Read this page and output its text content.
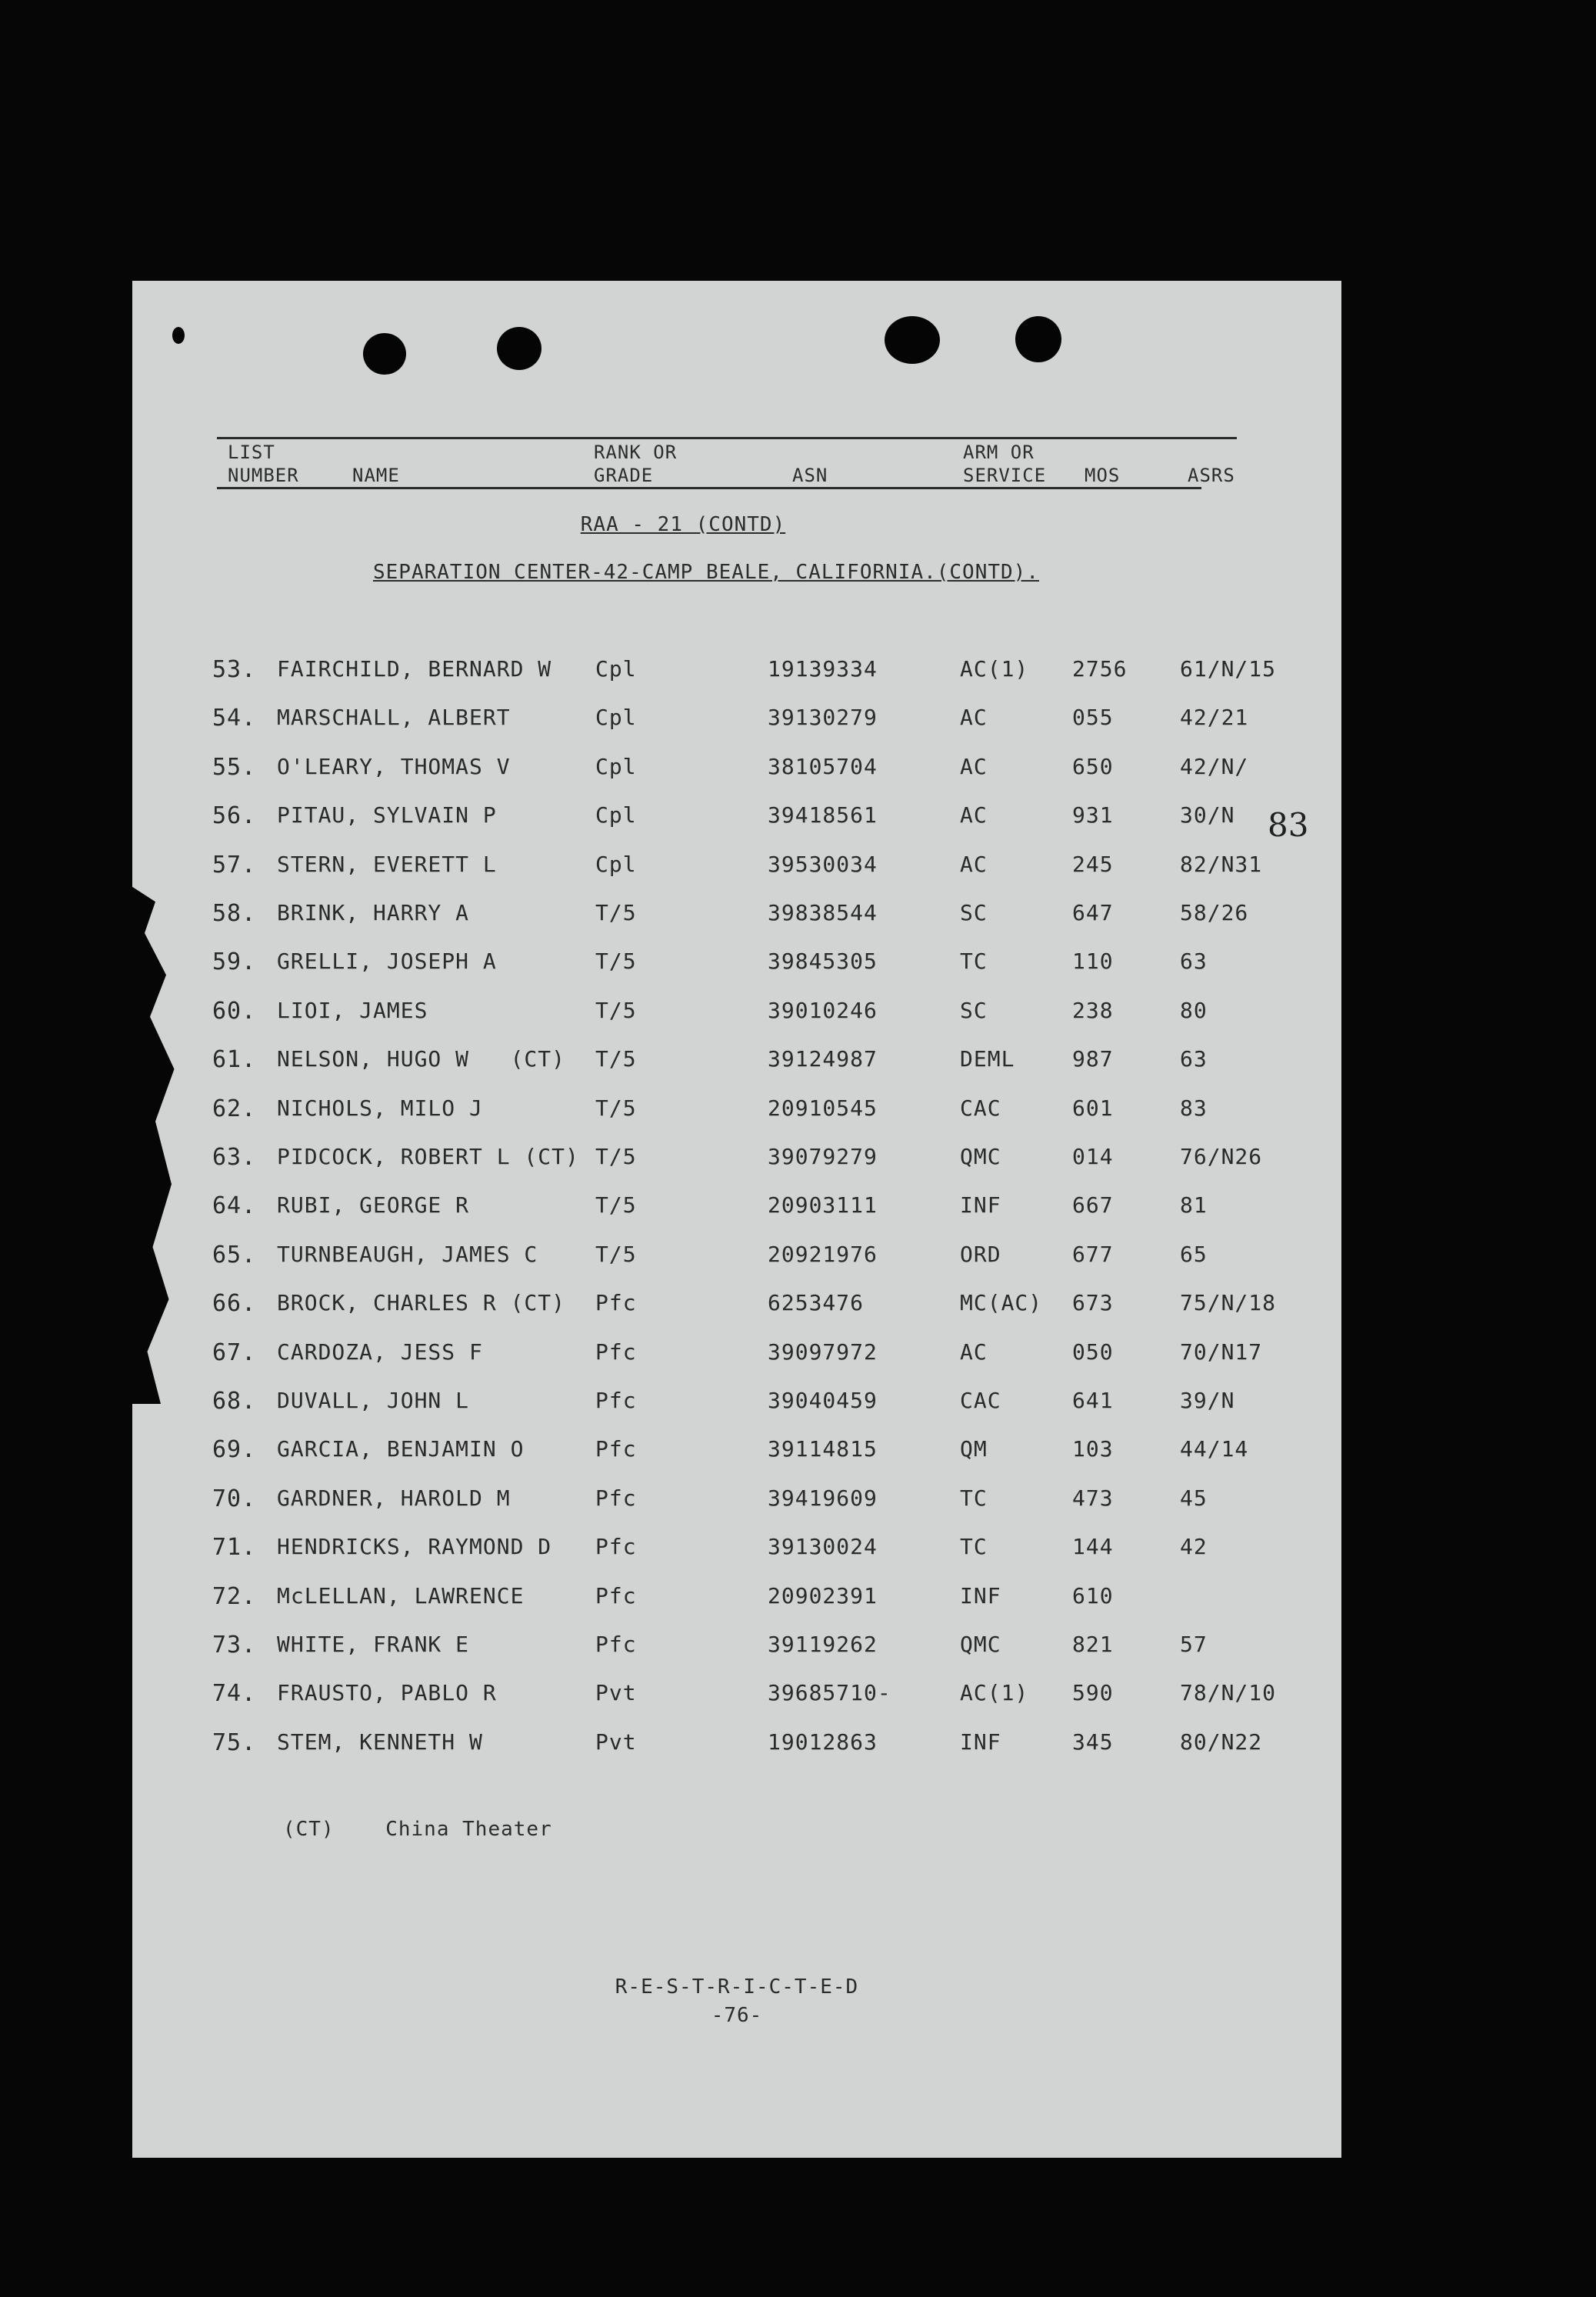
LIST
NUMBER	NAME
RANK OR
GRADE	ASN
ARM OR
SERVICE MOS	ASRS
RAA - 21 (CONTD)
SEPARATION CENTER-42-CAMP BEALE, CALIFORNIA.(CONTD).
53. FAIRCHILD, BERNARD W Cpl	19139334	AC(1) 2756 61/N/15
54. MARSCHALL, ALBERT	Cpl	39130279	AC	055	42/21
55. O'LEARY, THOMAS V	Cpl	38105704	AC	650	42/N/
56. PITAU, SYLVAIN P	Cpl	39418561	AC	931	30/N
57. STERN, EVERETT L	Cpl	39530034	AC	245	82/N31
58. BRINK, HARRY A	T/5	39838544	SC	647	58/26
59. GRELLI, JOSEPH A	T/5	39845305	TC	110	63
60. LIOI, JAMES	T/5	39010246	SC	238	80
61. NELSON, HUGO W   (CT) T/5	39124987	DEML	987	63
62. NICHOLS, MILO J	T/5	20910545	CAC	601	83
63. PIDCOCK, ROBERT L (CT) T/5	39079279	QMC	014	76/N26
64. RUBI, GEORGE R	T/5	20903111	INF	667	81
65. TURNBEAUGH, JAMES C	T/5	20921976	ORD	677	65
66. BROCK, CHARLES R (CT) Pfc	6253476	MC(AC) 673	75/N/18
67. CARDOZA, JESS F	Pfc	39097972	AC	050	70/N17
68. DUVALL, JOHN L	Pfc	39040459	CAC	641	39/N
69. GARCIA, BENJAMIN O	Pfc	39114815	QM	103	44/14
70. GARDNER, HAROLD M	Pfc	39419609	TC	473	45
71. HENDRICKS, RAYMOND D Pfc	39130024	TC	144	42
72. McLELLAN, LAWRENCE	Pfc	20902391	INF	610
73. WHITE, FRANK E	Pfc	39119262	QMC	821	57
74. FRAUSTO, PABLO R	Pvt	39685710-	AC(1) 590	78/N/10
75. STEM, KENNETH W	Pvt	19012863	INF	345	80/N22
83
(CT)    China Theater
R-E-S-T-R-I-C-T-E-D
-76-
